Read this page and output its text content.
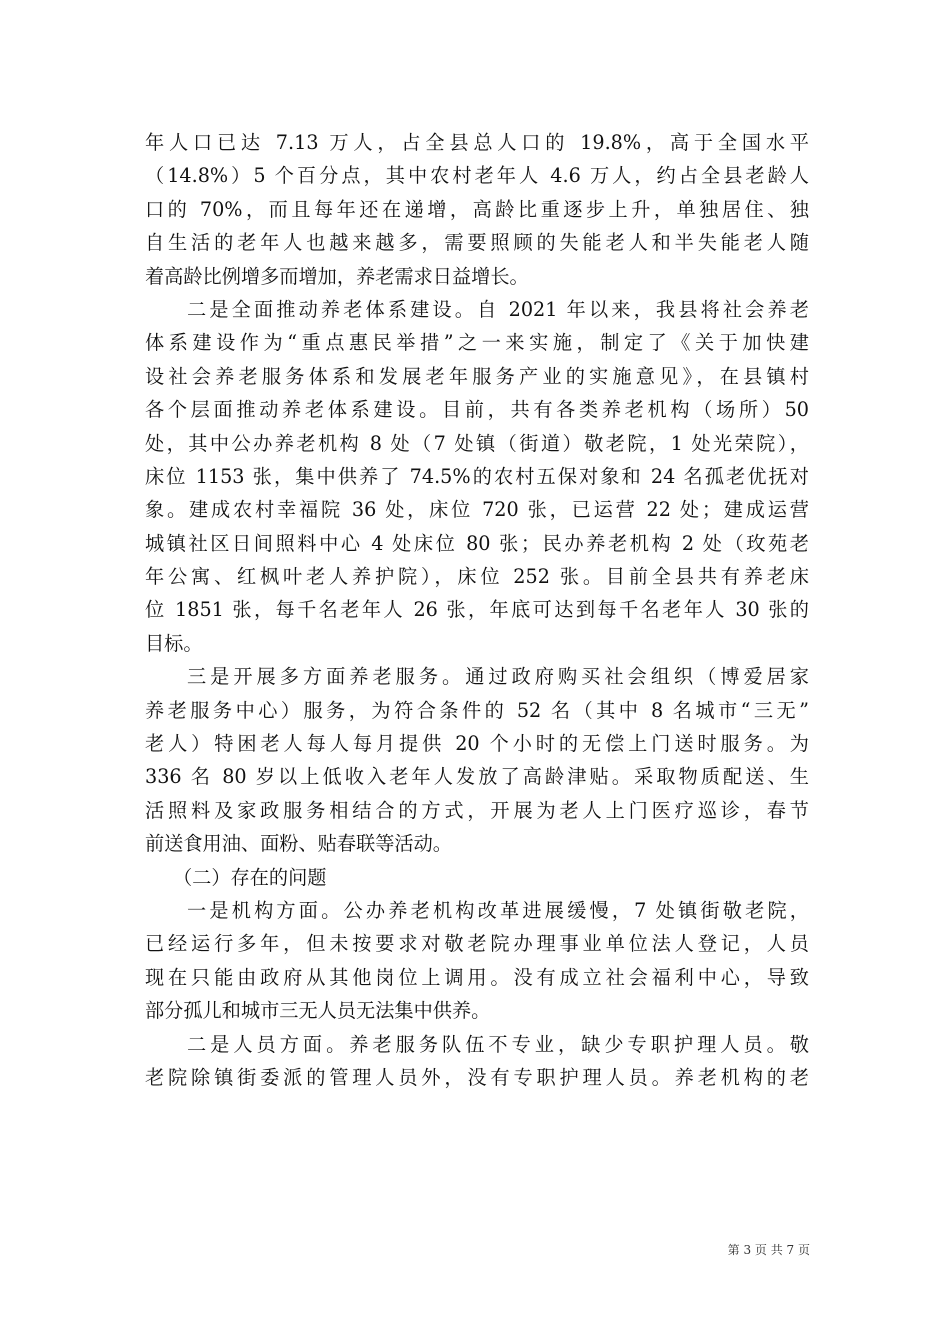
年人口已达 7.13 万人，占全县总人口的 19.8%，高于全国水平
（14.8%）5 个百分点，其中农村老年人 4.6 万人，约占全县老龄人
口的 70%，而且每年还在递增，高龄比重逐步上升，单独居住、独
自生活的老年人也越来越多，需要照顾的失能老人和半失能老人随
着高龄比例增多而增加，养老需求日益增长。
二是全面推动养老体系建设。自 2021 年以来，我县将社会养老
体系建设作为“重点惠民举措”之一来实施，制定了《关于加快建
设社会养老服务体系和发展老年服务产业的实施意见》，在县镇村
各个层面推动养老体系建设。目前，共有各类养老机构（场所）50
处，其中公办养老机构 8 处（7 处镇（街道）敬老院，1 处光荣院），
床位 1153 张，集中供养了 74.5%的农村五保对象和 24 名孤老优抚对
象。建成农村幸福院 36 处，床位 720 张，已运营 22 处；建成运营
城镇社区日间照料中心 4 处床位 80 张；民办养老机构 2 处（玫苑老
年公寓、红枫叶老人养护院），床位 252 张。目前全县共有养老床
位 1851 张，每千名老年人 26 张，年底可达到每千名老年人 30 张的
目标。
三是开展多方面养老服务。通过政府购买社会组织（博爱居家
养老服务中心）服务，为符合条件的 52 名（其中 8 名城市“三无”
老人）特困老人每人每月提供 20 个小时的无偿上门送时服务。为
336 名 80 岁以上低收入老年人发放了高龄津贴。采取物质配送、生
活照料及家政服务相结合的方式，开展为老人上门医疗巡诊，春节
前送食用油、面粉、贴春联等活动。
（二）存在的问题
一是机构方面。公办养老机构改革进展缓慢，7 处镇街敬老院，
已经运行多年，但未按要求对敬老院办理事业单位法人登记，人员
现在只能由政府从其他岗位上调用。没有成立社会福利中心，导致
部分孤儿和城市三无人员无法集中供养。
二是人员方面。养老服务队伍不专业，缺少专职护理人员。敬
老院除镇街委派的管理人员外，没有专职护理人员。养老机构的老
第 3 页 共 7 页
